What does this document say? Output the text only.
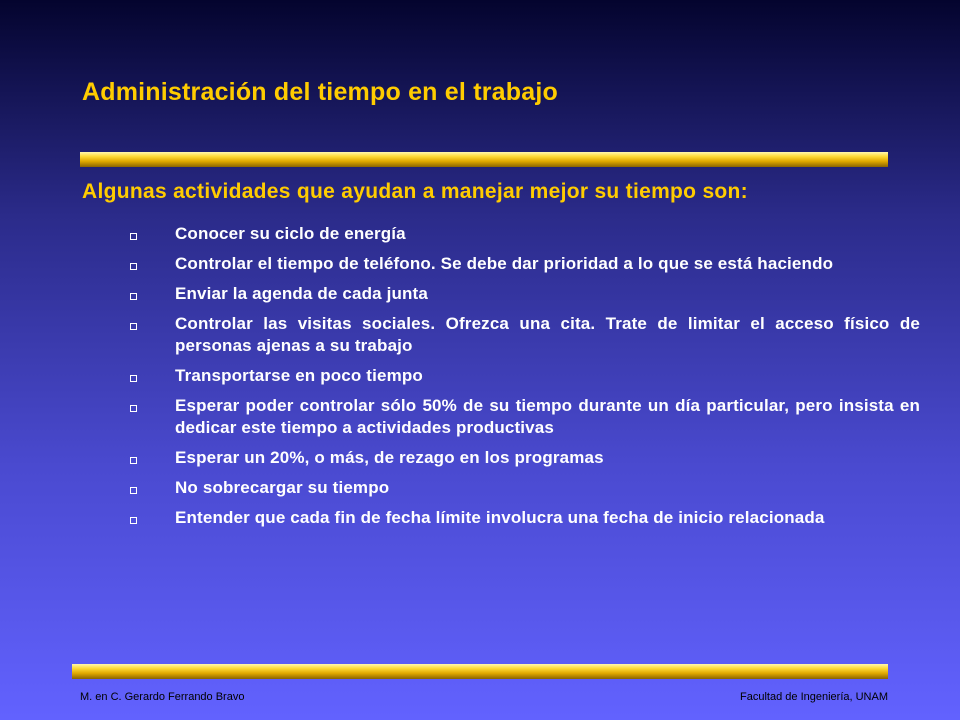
Administración del tiempo en el trabajo
Algunas actividades que ayudan a manejar mejor su tiempo son:
Conocer su ciclo de energía
Controlar el tiempo de teléfono. Se debe dar prioridad a lo que se está haciendo
Enviar la agenda de cada junta
Controlar las visitas sociales. Ofrezca una cita. Trate de limitar el acceso físico de personas ajenas a su trabajo
Transportarse en poco tiempo
Esperar poder controlar sólo 50% de su tiempo durante un día particular, pero insista en dedicar este tiempo a actividades productivas
Esperar un 20%, o más, de rezago en los programas
No sobrecargar su tiempo
Entender que cada fin de fecha límite involucra una fecha de inicio relacionada
M. en C. Gerardo Ferrando Bravo	Facultad de Ingeniería, UNAM
